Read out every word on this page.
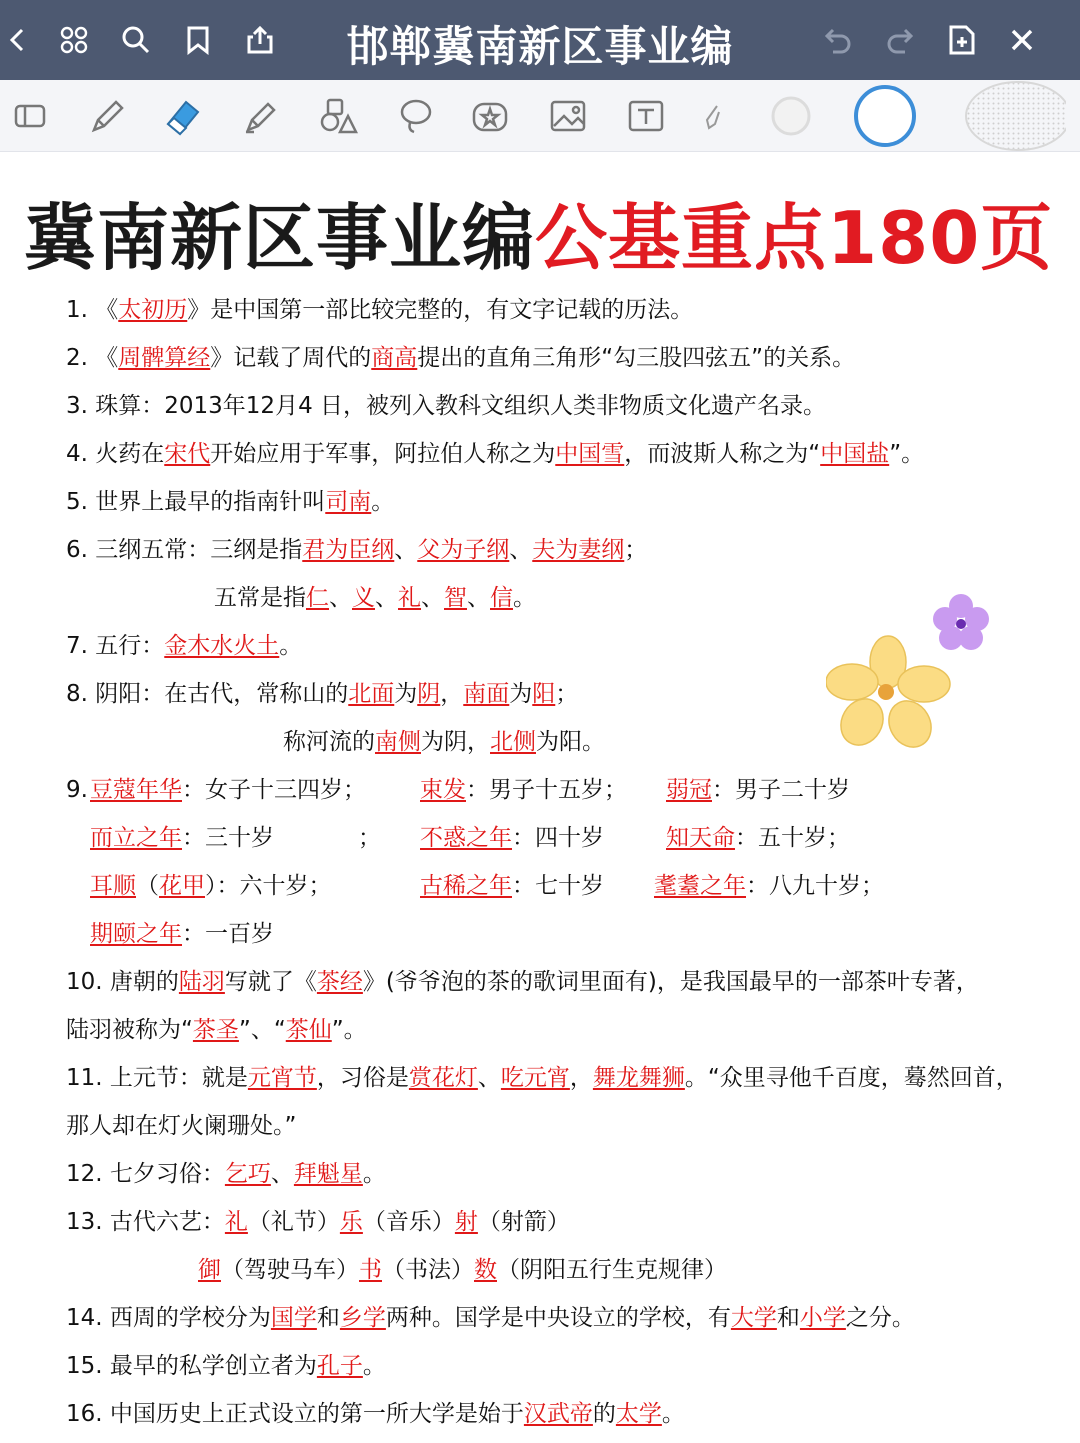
邯郸冀南新区事业编
冀南新区事业编公基重点180页
1. 《太初历》是中国第一部比较完整的，有文字记载的历法。
2. 《周髀算经》记载了周代的商高提出的直角三角形“勾三股四弦五”的关系。
3. 珠算：2013年12月4 日，被列入教科文组织人类非物质文化遗产名录。
4. 火药在宋代开始应用于军事，阿拉伯人称之为中国雪，而波斯人称之为“中国盐”。
5. 世界上最早的指南针叫司南。
6. 三纲五常：三纲是指君为臣纲、父为子纲、夫为妻纲；
五常是指仁、义、礼、智、信。
7. 五行：金木水火土。
8. 阴阳：在古代，常称山的北面为阴，南面为阳；
称河流的南侧为阴，北侧为阳。
9. 豆蔻年华：女子十三四岁； 束发：男子十五岁； 弱冠：男子二十岁
而立之年：三十岁	； 不惑之年：四十岁	知天命：五十岁；
耳顺（花甲）：六十岁；	古稀之年：七十岁 耄耋之年：八九十岁；
期颐之年：一百岁
10. 唐朝的陆羽写就了《茶经》(爷爷泡的茶的歌词里面有)，是我国最早的一部茶叶专著，
陆羽被称为“茶圣”、“茶仙”。
11. 上元节：就是元宵节，习俗是赏花灯、吃元宵，舞龙舞狮。“众里寻他千百度，蓦然回首，
那人却在灯火阑珊处。”
12. 七夕习俗：乞巧、拜魁星。
13. 古代六艺：礼（礼节）乐（音乐）射（射箭）
御（驾驶马车）书（书法）数（阴阳五行生克规律）
14. 西周的学校分为国学和乡学两种。国学是中央设立的学校，有大学和小学之分。
15. 最早的私学创立者为孔子。
16. 中国历史上正式设立的第一所大学是始于汉武帝的太学。
